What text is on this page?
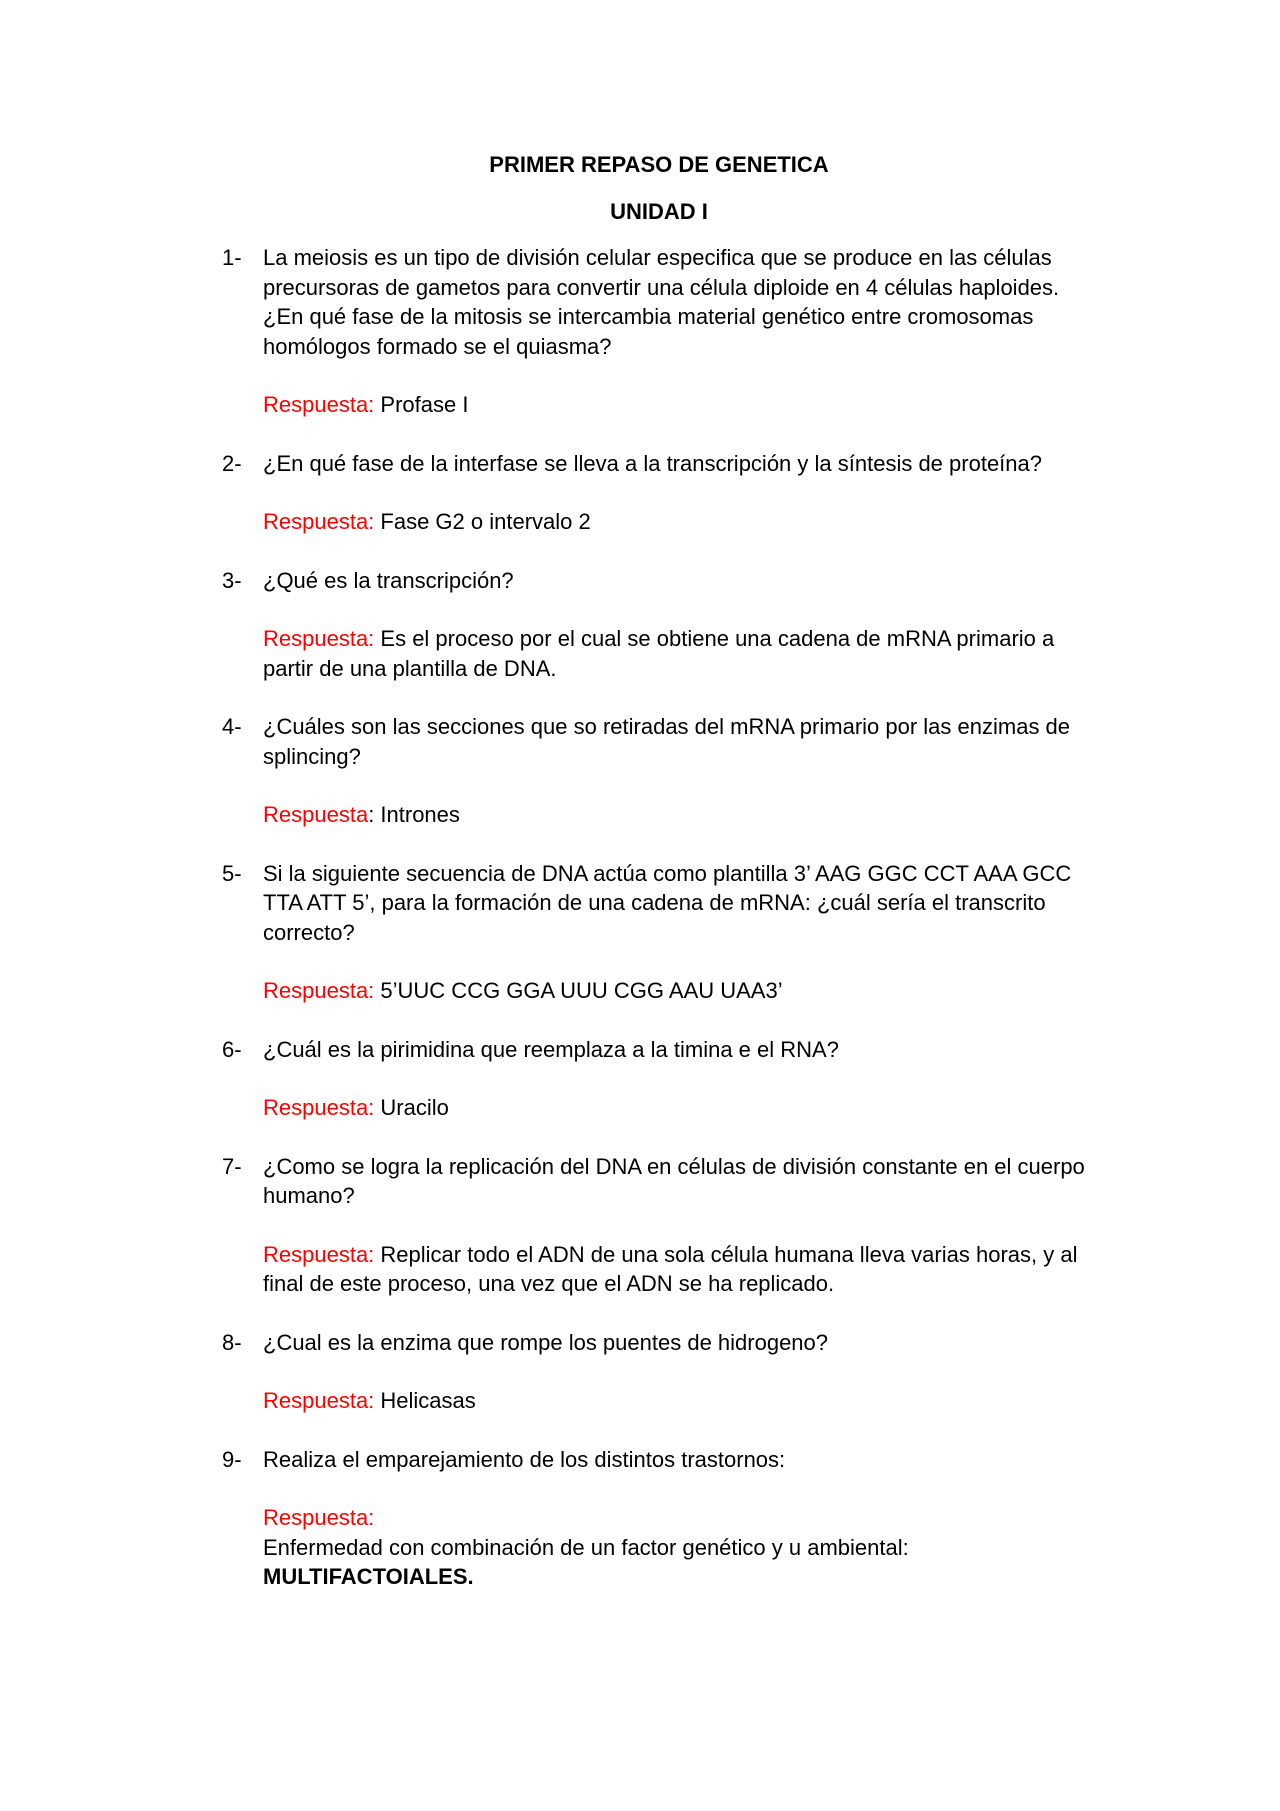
PRIMER REPASO DE GENETICA
UNIDAD I
1- La meiosis es un tipo de división celular especifica que se produce en las células precursoras de gametos para convertir una célula diploide en 4 células haploides. ¿En qué fase de la mitosis se intercambia material genético entre cromosomas homólogos formado se el quiasma?
Respuesta: Profase I
2- ¿En qué fase de la interfase se lleva a la transcripción y la síntesis de proteína?
Respuesta: Fase G2 o intervalo 2
3- ¿Qué es la transcripción?
Respuesta: Es el proceso por el cual se obtiene una cadena de mRNA primario a partir de una plantilla de DNA.
4- ¿Cuáles son las secciones que so retiradas del mRNA primario por las enzimas de splincing?
Respuesta: Intrones
5- Si la siguiente secuencia de DNA actúa como plantilla 3’ AAG GGC CCT AAA GCC TTA ATT 5’, para la formación de una cadena de mRNA: ¿cuál sería el transcrito correcto?
Respuesta: 5’UUC CCG GGA UUU CGG AAU UAA3’
6- ¿Cuál es la pirimidina que reemplaza a la timina e el RNA?
Respuesta: Uracilo
7- ¿Como se logra la replicación del DNA en células de división constante en el cuerpo humano?
Respuesta: Replicar todo el ADN de una sola célula humana lleva varias horas, y al final de este proceso, una vez que el ADN se ha replicado.
8- ¿Cual es la enzima que rompe los puentes de hidrogeno?
Respuesta: Helicasas
9- Realiza el emparejamiento de los distintos trastornos:
Respuesta:
Enfermedad con combinación de un factor genético y u ambiental:
MULTIFACTOIALES.
